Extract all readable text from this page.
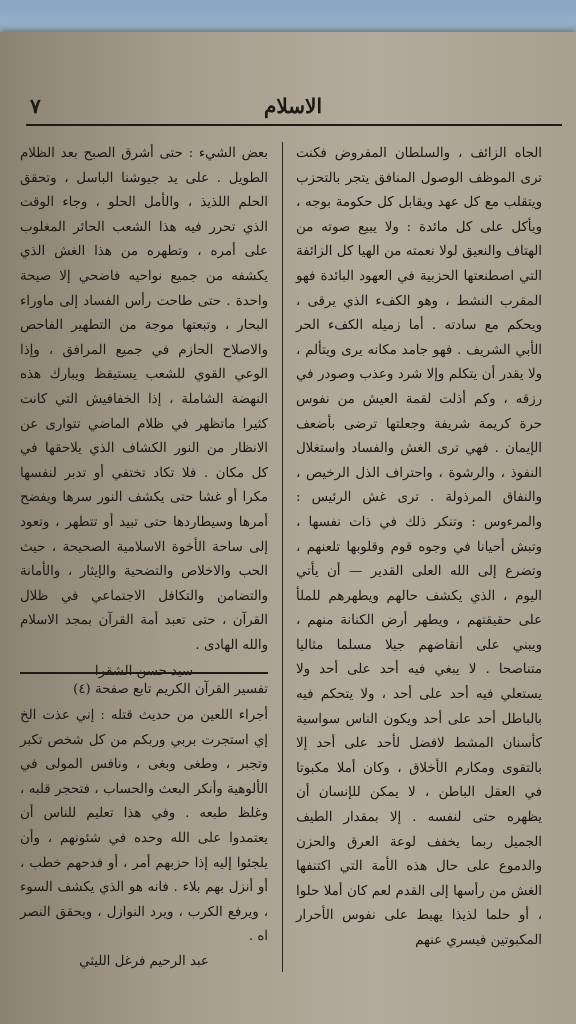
٧	الاسلام

الجاه الزائف ، والسلطان المفروض فكنت ترى الموظف الوصول المنافق يتجر بالتحزب ويتقلب مع كل عهد ويقابل كل حكومة بوجه ، ويأكل على كل مائدة : ولا يبيع صوته من الهتاف والنعيق لولا نعمته من الهيا كل الزائفة التي اصطنعتها الحزبية في العهود البائدة فهو المقرب النشط ، وهو الكفء الذي يرقى ، ويحكم مع سادته . أما زميله الكفء الحر الأبي الشريف . فهو جامد مكانه يرى ويتألم ، ولا يقدر أن يتكلم وإلا شرد وعذب وصودر في رزقه ، وكم أذلت لقمة العيش من نفوس حرة كريمة شريفة وجعلتها ترضى بأضعف الإيمان . فهي ترى الغش والفساد واستغلال النفوذ ، والرشوة ، واحتراف الذل الرخيص ، والنفاق المرذولة . ترى غش الرئيس : والمرءوس : وتنكر ذلك في ذات نفسها ، وتبش أحيانا في وجوه قوم وقلوبها تلعنهم ، وتضرع إلى الله العلى القدير — أن يأتي اليوم ، الذي يكشف حالهم ويطهرهم للملأ على حقيقتهم ، ويطهر أرض الكنانة منهم ، ويبني على أنقاضهم جيلا مسلما مثاليا متناصحا . لا يبغي فيه أحد على أحد ولا يستعلي فيه أحد على أحد ، ولا يتحكم فيه بالباطل أحد على أحد ويكون الناس سواسية كأسنان المشط لافضل لأحد على أحد إلا بالتقوى ومكارم الأخلاق ، وكان أملا مكبوتا في العقل الباطن ، لا يمكن للإنسان أن يظهره حتى لنفسه . إلا بمقدار الطيف الجميل ربما يخفف لوعة العرق والحزن والدموع على حال هذه الأمة التي اكتنفها الغش من رأسها إلى القدم لعم كان أملا حلوا ، أو حلما لذيذا يهبط على نفوس الأحرار المكبوتين فيسري عنهم

بعض الشيء : حتى أشرق الصبح بعد الظلام الطويل . على يد جيوشنا الباسل ، وتحقق الحلم اللذيذ ، والأمل الحلو ، وجاء الوقت الذي تحرر فيه هذا الشعب الحائر المغلوب على أمره ، وتطهره من هذا الغش الذي يكشفه من جميع نواحيه فاضحي إلا صيحة واحدة . حتى طاحت رأس الفساد إلى ماوراء البحار ، وتبعتها موجة من التطهير الفاحص والاصلاح الحازم في جميع المرافق ، وإذا الوعي القوي للشعب يستيقظ ويبارك هذه النهضة الشاملة ، إذا الخفافيش التي كانت كثيرا ماتظهر في ظلام الماضي تتوارى عن الانظار من النور الكشاف الذي يلاحقها في كل مكان . فلا تكاد تختفي أو تدبر لنفسها مكرا أو غشا حتى يكشف النور سرها ويفضح أمرها وسيطاردها حتى تبيد أو تتطهر ، وتعود إلى ساحة الأخوة الاسلامية الصحيحة ، حيث الحب والاخلاص والتضحية والإيثار ، والأمانة والتضامن والتكافل الاجتماعي في ظلال القرآن ، حتى تعبد أمة القرآن بمجد الاسلام والله الهادى .

تفسير القرآن الكريم تابع صفحة (٤)

أجراء اللعين من حديث قتله : إني عذت الخ إي استجرت بربي وربكم من كل شخص تكبر وتجبر ، وطغى وبغى ، ونافس المولى في الألوهية وأنكر البعث والحساب ، فتحجر قلبه ، وغلظ طبعه . وفي هذا تعليم للناس أن يعتمدوا على الله وحده في شئونهم ، وأن يلجئوا إليه إذا حزبهم أمر ، أو فدحهم خطب ، أو أنزل بهم بلاء . فانه هو الذي يكشف السوء ، ويرفع الكرب ، ويرد النوازل ، ويحقق النصر اه .

عبد الرحيم فرغل الليثي
